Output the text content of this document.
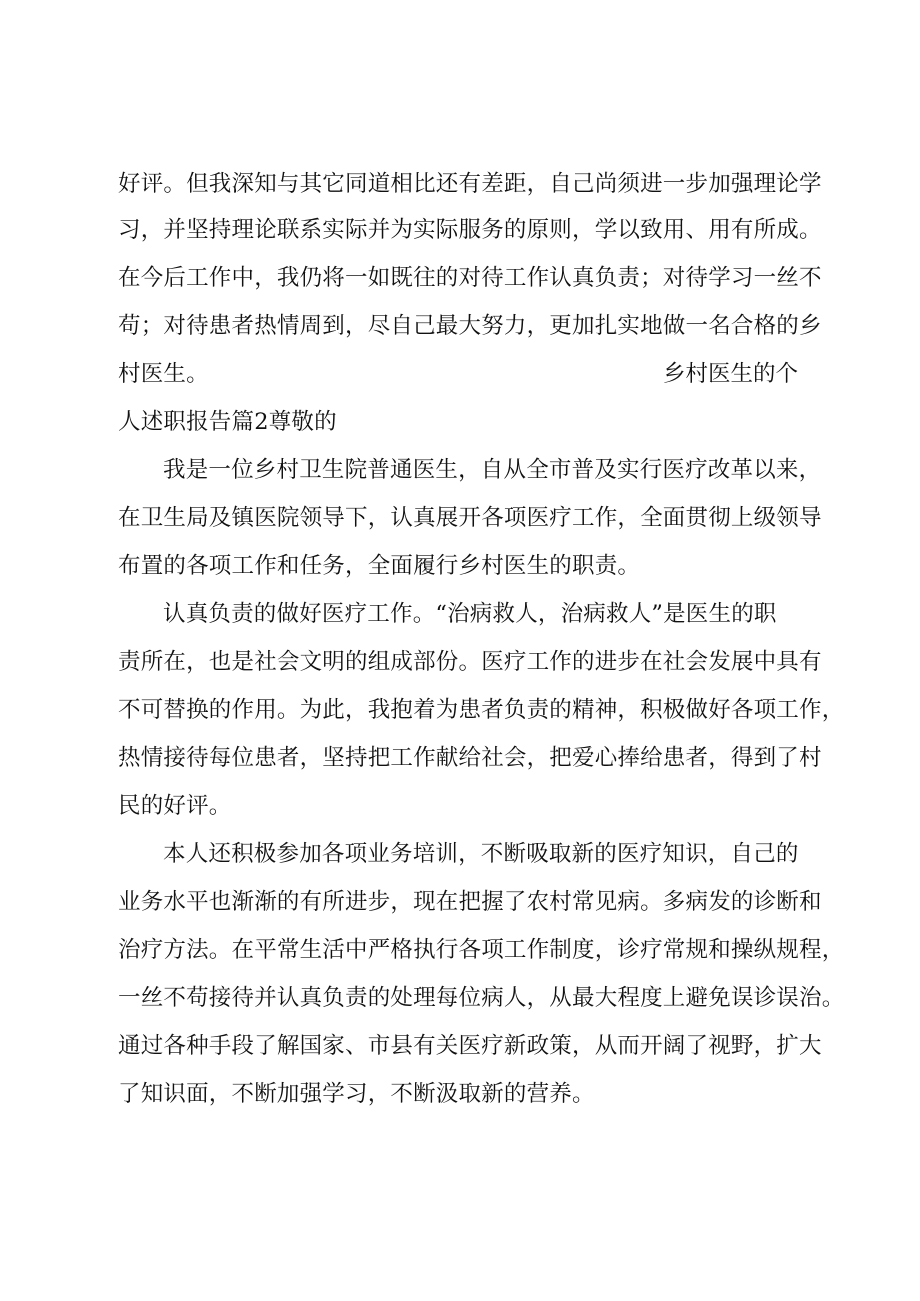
好评。但我深知与其它同道相比还有差距，自己尚须进一步加强理论学
习，并坚持理论联系实际并为实际服务的原则，学以致用、用有所成。
在今后工作中，我仍将一如既往的对待工作认真负责；对待学习一丝不
苟；对待患者热情周到，尽自己最大努力，更加扎实地做一名合格的乡
村医生。	乡村医生的个
人述职报告篇2尊敬的
我是一位乡村卫生院普通医生，自从全市普及实行医疗改革以来，
在卫生局及镇医院领导下，认真展开各项医疗工作，全面贯彻上级领导
布置的各项工作和任务，全面履行乡村医生的职责。
认真负责的做好医疗工作。“治病救人，治病救人”是医生的职
责所在，也是社会文明的组成部份。医疗工作的进步在社会发展中具有
不可替换的作用。为此，我抱着为患者负责的精神，积极做好各项工作，
热情接待每位患者，坚持把工作献给社会，把爱心捧给患者，得到了村
民的好评。
本人还积极参加各项业务培训，不断吸取新的医疗知识，自己的
业务水平也渐渐的有所进步，现在把握了农村常见病。多病发的诊断和
治疗方法。在平常生活中严格执行各项工作制度，诊疗常规和操纵规程，
一丝不苟接待并认真负责的处理每位病人，从最大程度上避免误诊误治。
通过各种手段了解国家、市县有关医疗新政策，从而开阔了视野，扩大
了知识面，不断加强学习，不断汲取新的营养。
